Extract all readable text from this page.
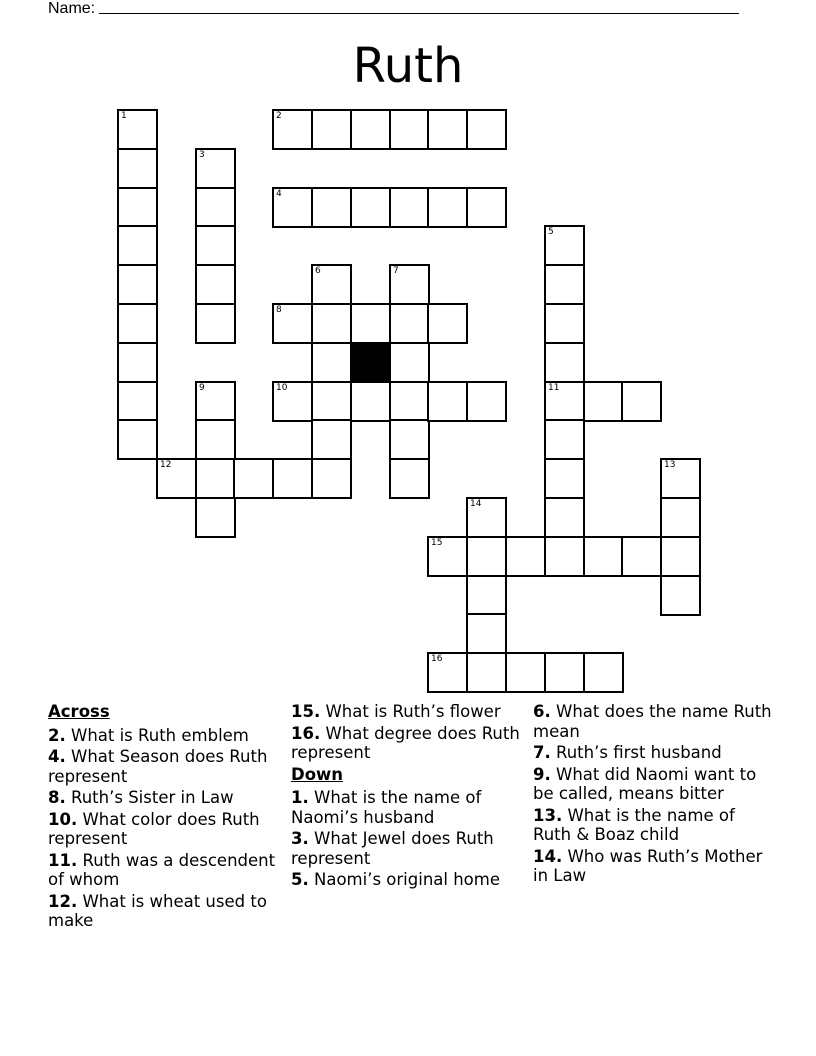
Name:
Ruth
1	2
3
4
5
11
6	7
8
9	10
12	13
14
15
16
Across
2. What is Ruth emblem
4. What Season does Ruth represent
8. Ruth’s Sister in Law
10. What color does Ruth represent
11. Ruth was a descendent of whom
12. What is wheat used to make
15. What is Ruth’s flower
16. What degree does Ruth represent
Down
1. What is the name of Naomi’s husband
3. What Jewel does Ruth represent
5. Naomi’s original home
6. What does the name Ruth mean
7. Ruth’s first husband
9. What did Naomi want to be called, means bitter
13. What is the name of Ruth & Boaz child
14. Who was Ruth’s Mother in Law
